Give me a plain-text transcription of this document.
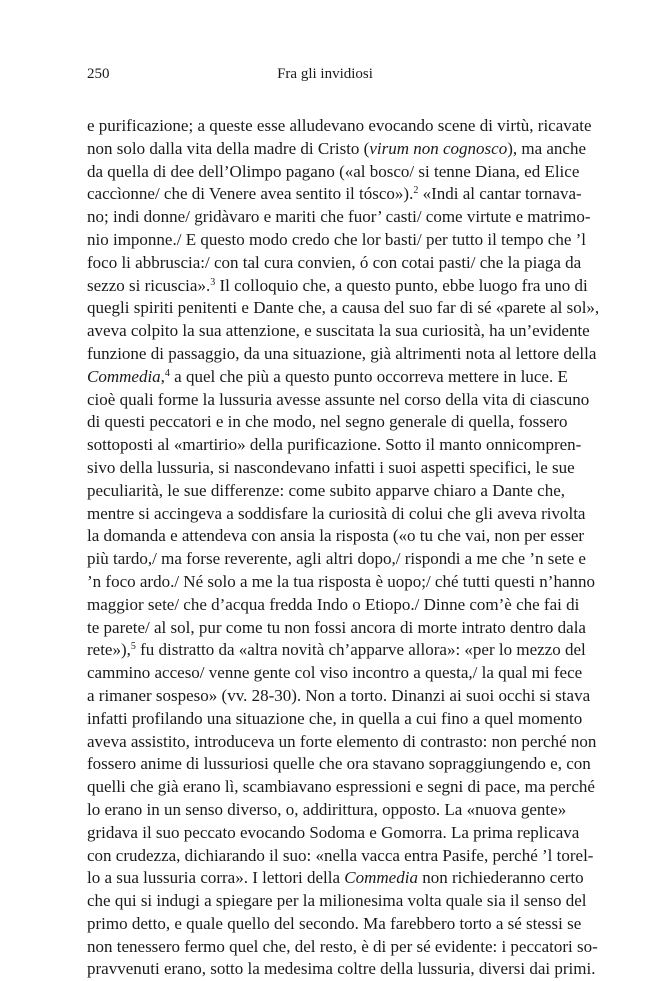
250	Fra gli invidiosi
e purificazione; a queste esse alludevano evocando scene di virtù, ricavate
non solo dalla vita della madre di Cristo (virum non cognosco), ma anche
da quella di dee dell’Olimpo pagano («al bosco/ si tenne Diana, ed Elice
caccìonne/ che di Venere avea sentito il tósco»).$^2$ «Indi al cantar tornava-
no; indi donne/ gridàvaro e mariti che fuor’ casti/ come virtute e matrimo-
nio imponne./ E questo modo credo che lor basti/ per tutto il tempo che ’l
foco li abbruscia:/ con tal cura convien, ó con cotai pasti/ che la piaga da
sezzo si ricuscia».$^3$ Il colloquio che, a questo punto, ebbe luogo fra uno di
quegli spiriti penitenti e Dante che, a causa del suo far di sé «parete al sol»,
aveva colpito la sua attenzione, e suscitata la sua curiosità, ha un’evidente
funzione di passaggio, da una situazione, già altrimenti nota al lettore della
Commedia,$^4$ a quel che più a questo punto occorreva mettere in luce. E
cioè quali forme la lussuria avesse assunte nel corso della vita di ciascuno
di questi peccatori e in che modo, nel segno generale di quella, fossero
sottoposti al «martirio» della purificazione. Sotto il manto onnicompren-
sivo della lussuria, si nascondevano infatti i suoi aspetti specifici, le sue
peculiarità, le sue differenze: come subito apparve chiaro a Dante che,
mentre si accingeva a soddisfare la curiosità di colui che gli aveva rivolta
la domanda e attendeva con ansia la risposta («o tu che vai, non per esser
più tardo,/ ma forse reverente, agli altri dopo,/ rispondi a me che ’n sete e
’n foco ardo./ Né solo a me la tua risposta è uopo;/ ché tutti questi n’hanno
maggior sete/ che d’acqua fredda Indo o Etiopo./ Dinne com’è che fai di
te parete/ al sol, pur come tu non fossi ancora di morte intrato dentro dala
rete»),$^5$ fu distratto da «altra novità ch’apparve allora»: «per lo mezzo del
cammino acceso/ venne gente col viso incontro a questa,/ la qual mi fece
a rimaner sospeso» (vv. 28-30). Non a torto. Dinanzi ai suoi occhi si stava
infatti profilando una situazione che, in quella a cui fino a quel momento
aveva assistito, introduceva un forte elemento di contrasto: non perché non
fossero anime di lussuriosi quelle che ora stavano sopraggiungendo e, con
quelli che già erano lì, scambiavano espressioni e segni di pace, ma perché
lo erano in un senso diverso, o, addirittura, opposto. La «nuova gente»
gridava il suo peccato evocando Sodoma e Gomorra. La prima replicava
con crudezza, dichiarando il suo: «nella vacca entra Pasife, perché ’l torel-
lo a sua lussuria corra». I lettori della Commedia non richiederanno certo
che qui si indugi a spiegare per la milionesima volta quale sia il senso del
primo detto, e quale quello del secondo. Ma farebbero torto a sé stessi se
non tenessero fermo quel che, del resto, è di per sé evidente: i peccatori so-
pravvenuti erano, sotto la medesima coltre della lussuria, diversi dai primi.
